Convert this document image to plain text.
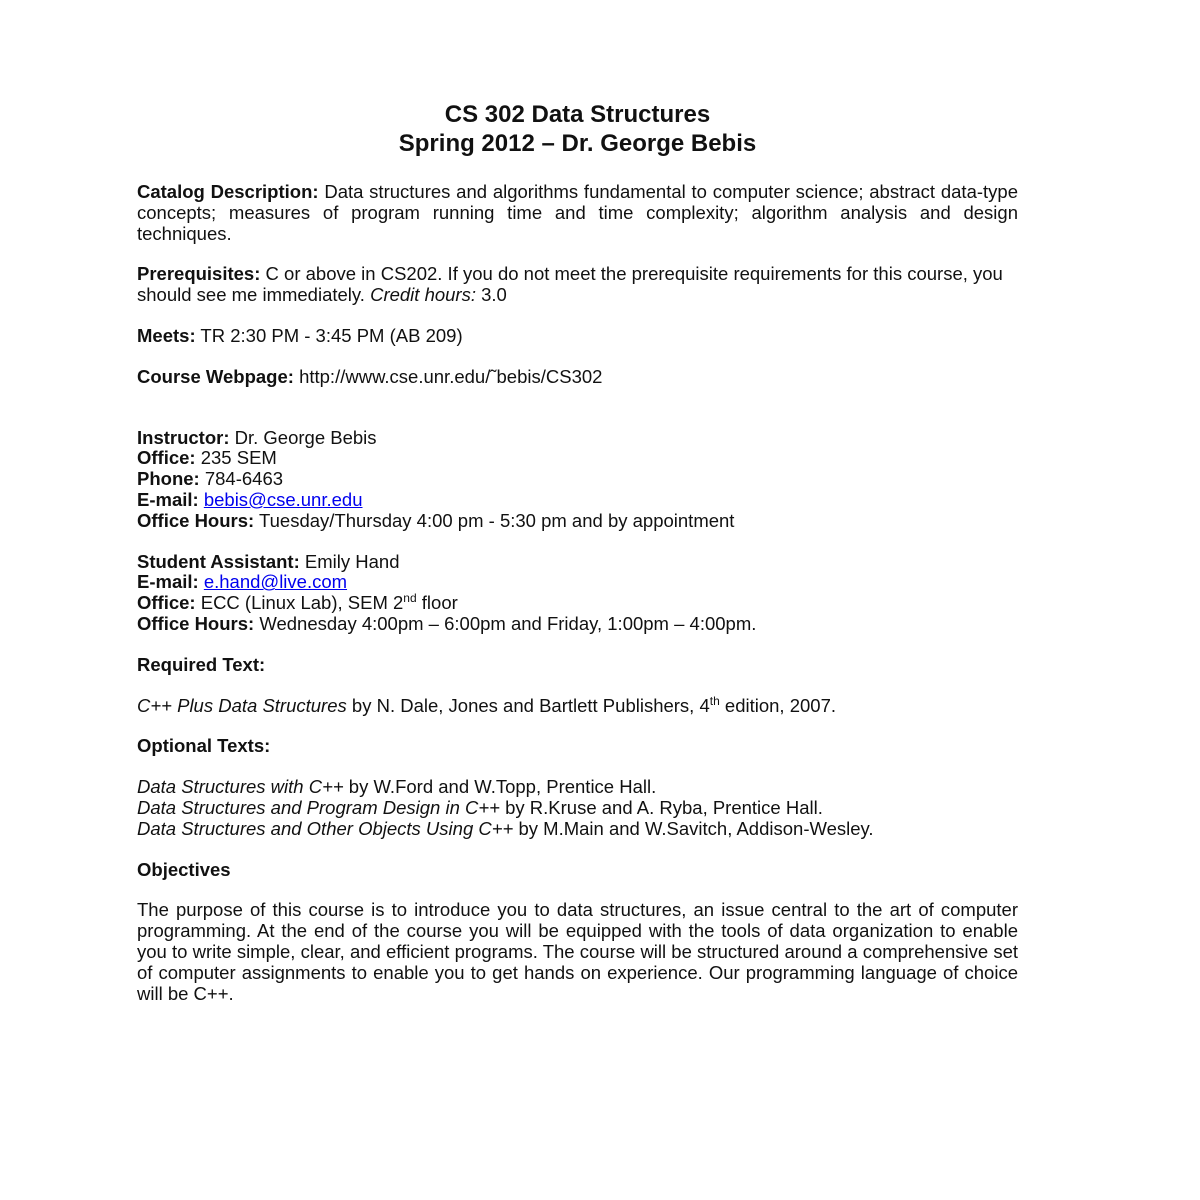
CS 302 Data Structures
Spring 2012 – Dr. George Bebis

Catalog Description: Data structures and algorithms fundamental to computer science; abstract data-type concepts; measures of program running time and time complexity; algorithm analysis and design techniques.

Prerequisites: C or above in CS202. If you do not meet the prerequisite requirements for this course, you should see me immediately. Credit hours: 3.0

Meets: TR 2:30 PM - 3:45 PM (AB 209)

Course Webpage: http://www.cse.unr.edu/˜bebis/CS302

Instructor: Dr. George Bebis

Office: 235 SEM

Phone: 784-6463

E-mail: bebis@cse.unr.edu

Office Hours: Tuesday/Thursday 4:00 pm - 5:30 pm and by appointment

Student Assistant: Emily Hand

E-mail: e.hand@live.com

Office: ECC (Linux Lab), SEM 2nd floor

Office Hours: Wednesday 4:00pm – 6:00pm and Friday, 1:00pm – 4:00pm.

Required Text:

C++ Plus Data Structures by N. Dale, Jones and Bartlett Publishers, 4th edition, 2007.

Optional Texts:

Data Structures with C++ by W.Ford and W.Topp, Prentice Hall.

Data Structures and Program Design in C++ by R.Kruse and A. Ryba, Prentice Hall.

Data Structures and Other Objects Using C++ by M.Main and W.Savitch, Addison-Wesley.

Objectives

The purpose of this course is to introduce you to data structures, an issue central to the art of computer programming. At the end of the course you will be equipped with the tools of data organization to enable you to write simple, clear, and efficient programs. The course will be structured around a comprehensive set of computer assignments to enable you to get hands on experience. Our programming language of choice will be C++.
